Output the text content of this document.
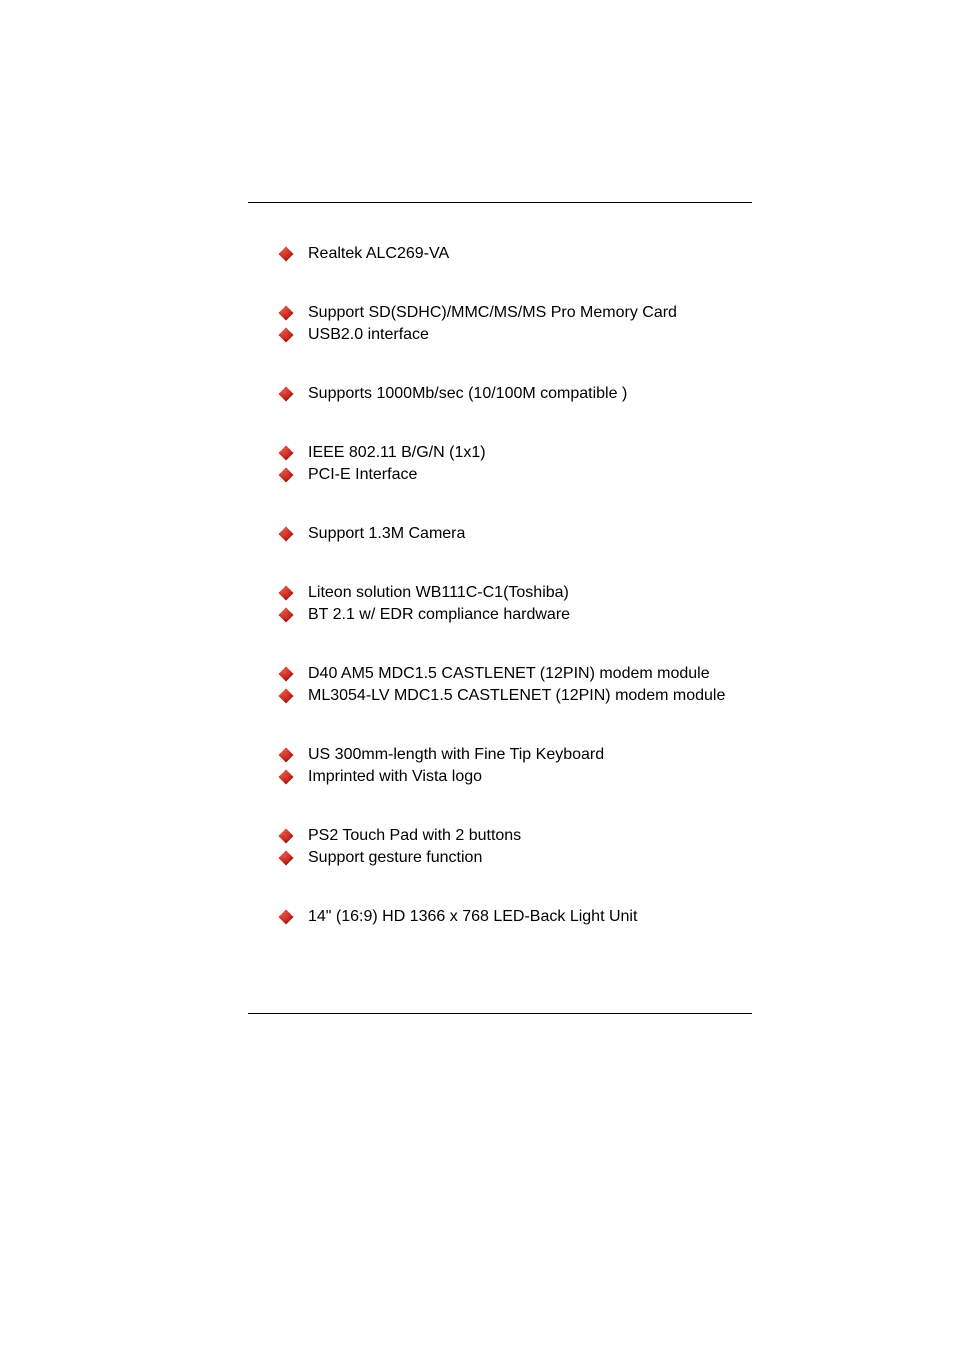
Realtek ALC269-VA
Support SD(SDHC)/MMC/MS/MS Pro Memory Card
USB2.0 interface
Supports 1000Mb/sec (10/100M compatible )
IEEE 802.11 B/G/N (1x1)
PCI-E Interface
Support 1.3M Camera
Liteon solution WB111C-C1(Toshiba)
BT 2.1 w/ EDR compliance hardware
D40 AM5 MDC1.5 CASTLENET (12PIN) modem module
ML3054-LV MDC1.5 CASTLENET (12PIN) modem module
US 300mm-length with Fine Tip Keyboard
Imprinted with Vista logo
PS2 Touch Pad with 2 buttons
Support gesture function
14" (16:9) HD 1366 x 768 LED-Back Light Unit
